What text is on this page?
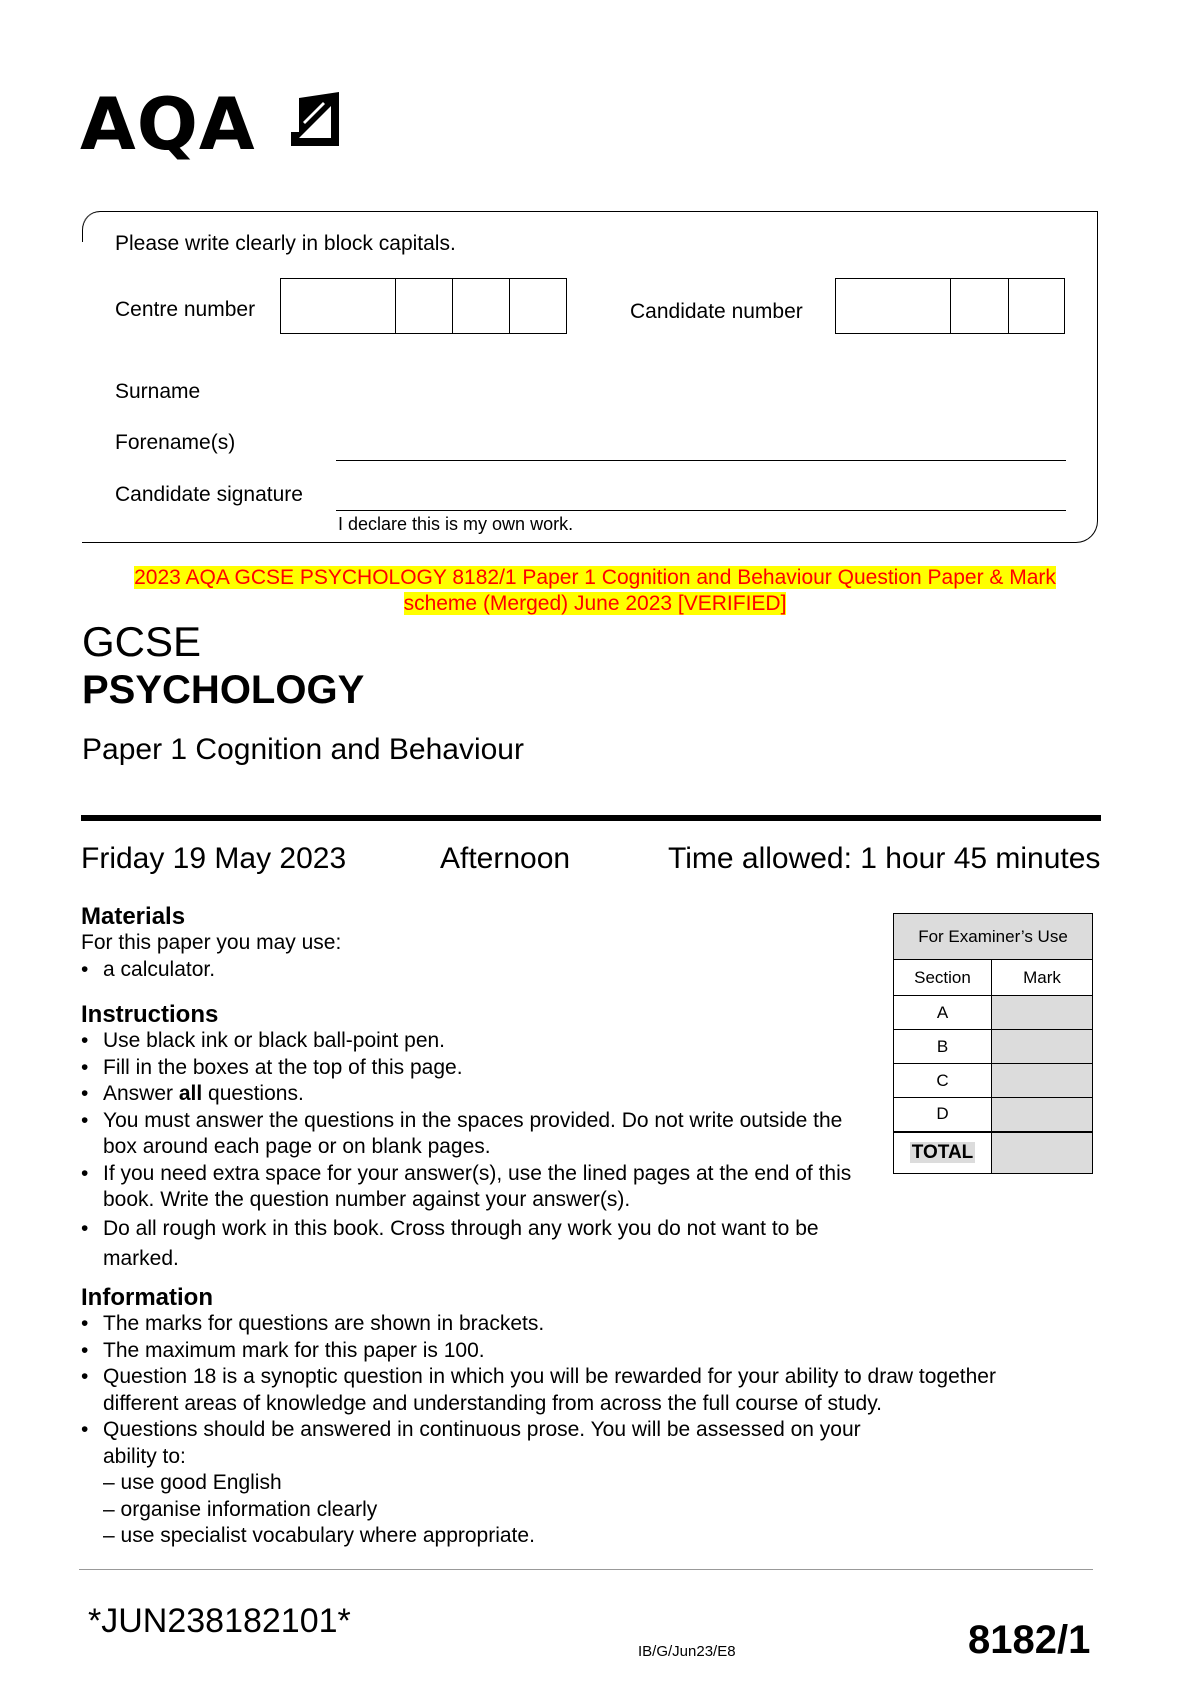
AQA
Please write clearly in block capitals.
Centre number	Candidate number
Surname
Forename(s)
Candidate signature
I declare this is my own work.
2023 AQA GCSE PSYCHOLOGY 8182/1 Paper 1 Cognition and Behaviour Question Paper & Mark
scheme (Merged) June 2023 [VERIFIED]
GCSE
PSYCHOLOGY
Paper 1 Cognition and Behaviour
Friday 19 May 2023	Afternoon	Time allowed: 1 hour 45 minutes
Materials
For this paper you may use:
• a calculator.
Instructions
• Use black ink or black ball-point pen.
• Fill in the boxes at the top of this page.
• Answer all questions.
• You must answer the questions in the spaces provided. Do not write outside the box around each page or on blank pages.
• If you need extra space for your answer(s), use the lined pages at the end of this book. Write the question number against your answer(s).
• Do all rough work in this book. Cross through any work you do not want to be marked.
Information
• The marks for questions are shown in brackets.
• The maximum mark for this paper is 100.
• Question 18 is a synoptic question in which you will be rewarded for your ability to draw together different areas of knowledge and understanding from across the full course of study.
• Questions should be answered in continuous prose. You will be assessed on your ability to:
– use good English
– organise information clearly
– use specialist vocabulary where appropriate.
For Examiner’s Use	
Section	Mark
A	
B	
C	
D	
TOTAL	
*JUN238182101*
IB/G/Jun23/E8	8182/1
